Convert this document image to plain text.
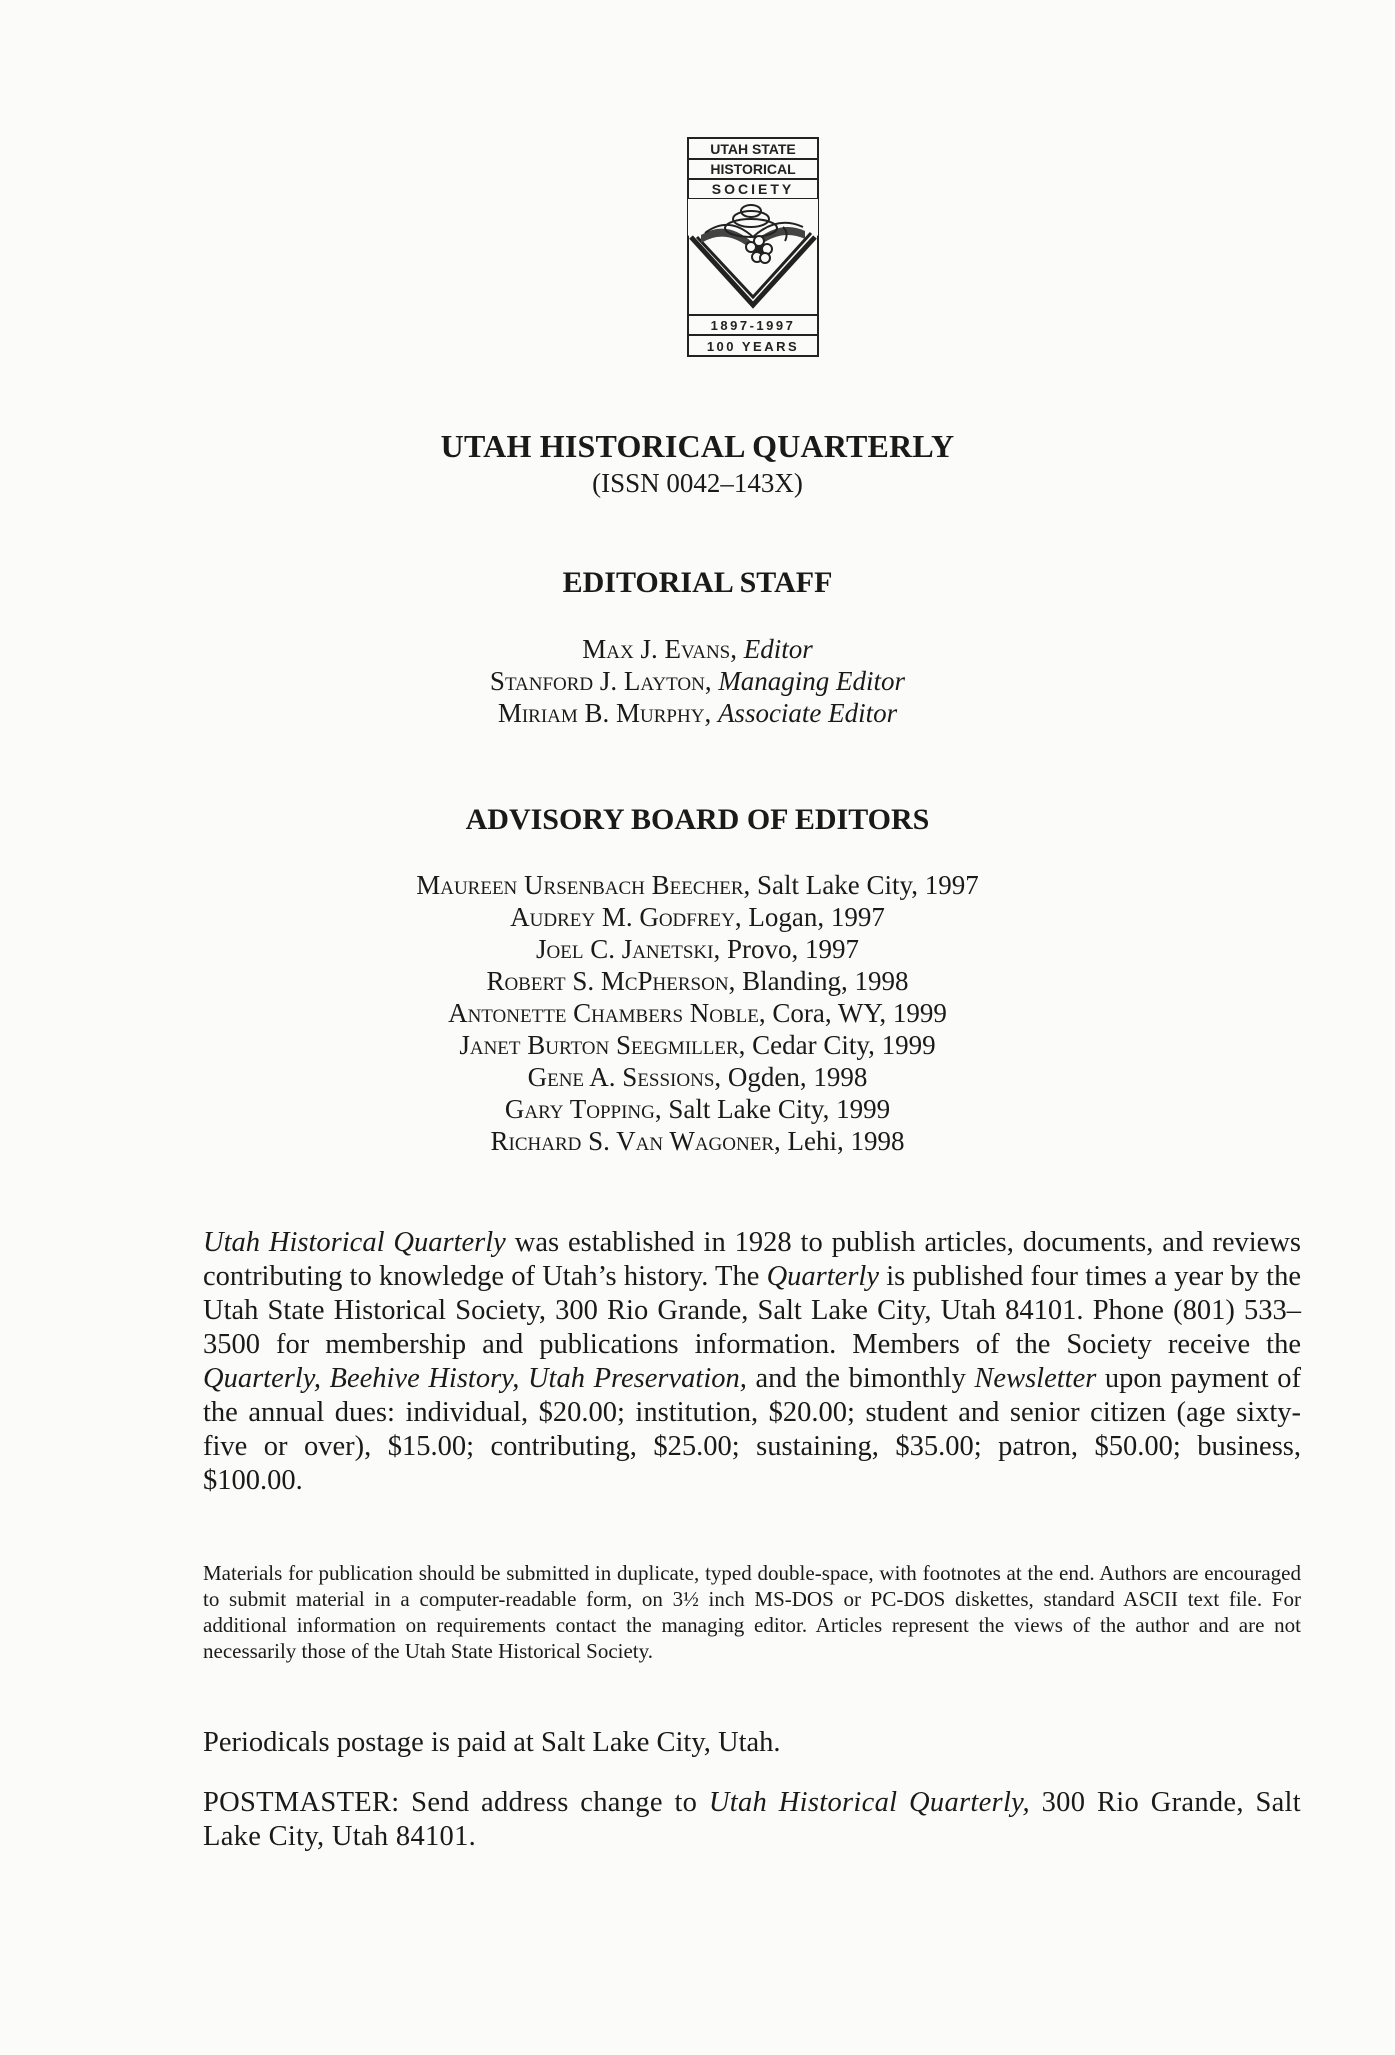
UTAH STATE
HISTORICAL
SOCIETY
1897-1997
100 YEARS
UTAH HISTORICAL QUARTERLY
(ISSN 0042–143X)
EDITORIAL STAFF
Max J. Evans, Editor
Stanford J. Layton, Managing Editor
Miriam B. Murphy, Associate Editor
ADVISORY BOARD OF EDITORS
Maureen Ursenbach Beecher, Salt Lake City, 1997
Audrey M. Godfrey, Logan, 1997
Joel C. Janetski, Provo, 1997
Robert S. McPherson, Blanding, 1998
Antonette Chambers Noble, Cora, WY, 1999
Janet Burton Seegmiller, Cedar City, 1999
Gene A. Sessions, Ogden, 1998
Gary Topping, Salt Lake City, 1999
Richard S. Van Wagoner, Lehi, 1998
Utah Historical Quarterly was established in 1928 to publish articles, documents, and reviews contributing to knowledge of Utah’s history. The Quarterly is published four times a year by the Utah State Historical Society, 300 Rio Grande, Salt Lake City, Utah 84101. Phone (801) 533–3500 for membership and publications information. Members of the Society receive the Quarterly, Beehive History, Utah Preservation, and the bimonthly Newsletter upon payment of the annual dues: individual, $20.00; institution, $20.00; student and senior citizen (age sixty-five or over), $15.00; contributing, $25.00; sustaining, $35.00; patron, $50.00; business, $100.00.
Materials for publication should be submitted in duplicate, typed double-space, with footnotes at the end. Authors are encouraged to submit material in a computer-readable form, on 3½ inch MS-DOS or PC-DOS diskettes, standard ASCII text file. For additional information on requirements contact the managing editor. Articles represent the views of the author and are not necessarily those of the Utah State Historical Society.
Periodicals postage is paid at Salt Lake City, Utah.
POSTMASTER: Send address change to Utah Historical Quarterly, 300 Rio Grande, Salt Lake City, Utah 84101.
